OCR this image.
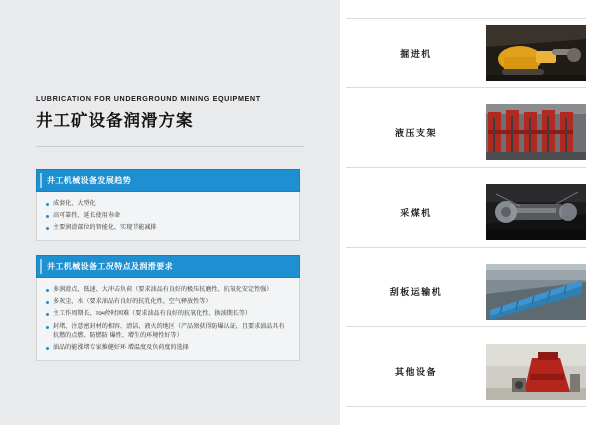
LUBRICATION FOR UNDERGROUND MINING EQUIPMENT
井工矿设备润滑方案
井工机械设备发展趋势

成套化、大型化

高可靠性、延长使用寿命

主要润滑部位的智能化、实现节能减排

井工机械设备工况特点及润滑要求

多润滑点、低速、大冲击负荷（要求油品有良好的极压抗磨性、抗氧化安定性强）

多灰尘、水（要求油品有良好的抗乳化性、空气释放性等）

主工作周期长、точ停时困难（要求油品有良好的抗氧化性、换油期长等）

封堵、注意密封材的相容、清洁、液火的地区（产品须获得防爆认证，且要求油品具有抗燃的点燃、防燃防 爆性、增生的环境性好等）

油品的能涨堵专家推健好环 增温度及负荷度的选择

掘进机
液压支架
采煤机
刮板运输机
其他设备
